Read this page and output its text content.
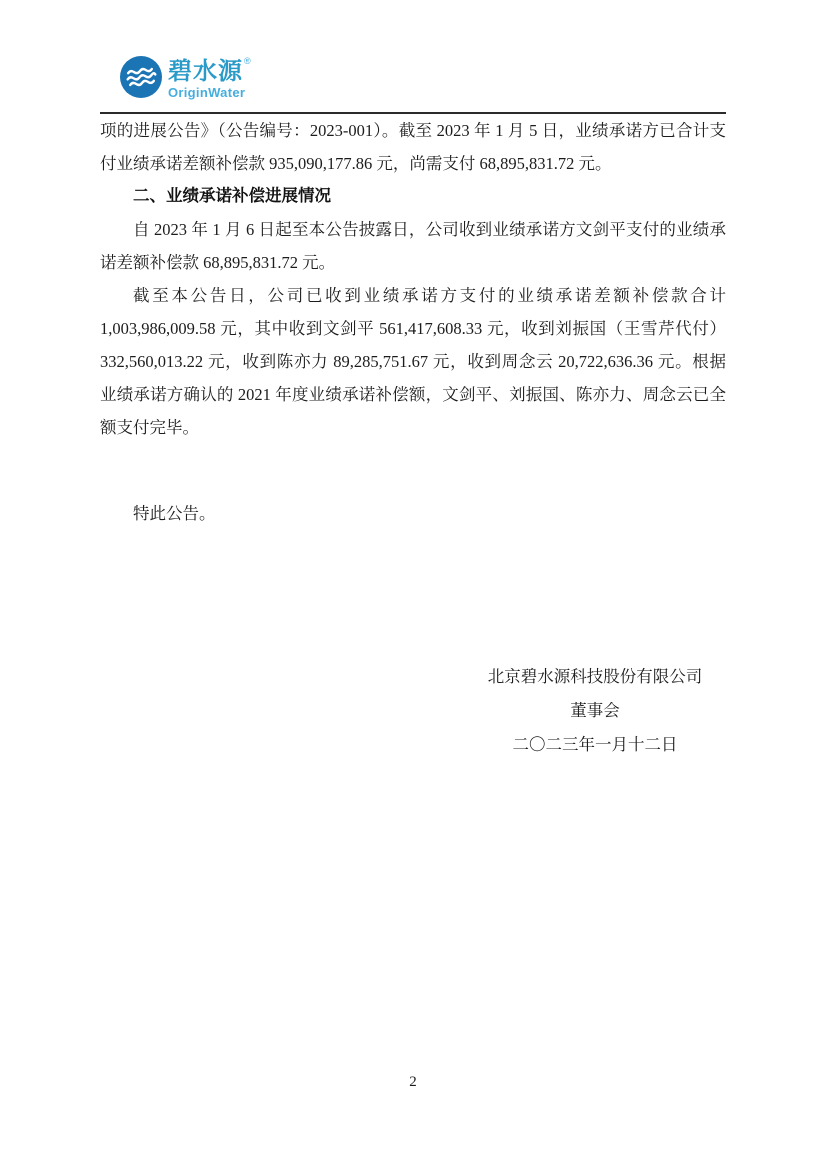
碧水源 ®
OriginWater

项的进展公告》（公告编号：2023-001）。截至 2023 年 1 月 5 日，业绩承诺方已合计支付业绩承诺差额补偿款 935,090,177.86 元，尚需支付 68,895,831.72 元。

二、业绩承诺补偿进展情况

自 2023 年 1 月 6 日起至本公告披露日，公司收到业绩承诺方文剑平支付的业绩承诺差额补偿款 68,895,831.72 元。

截至本公告日，公司已收到业绩承诺方支付的业绩承诺差额补偿款合计 1,003,986,009.58 元，其中收到文剑平 561,417,608.33 元，收到刘振国（王雪芹代付）332,560,013.22 元，收到陈亦力 89,285,751.67 元，收到周念云 20,722,636.36 元。根据业绩承诺方确认的 2021 年度业绩承诺补偿额，文剑平、刘振国、陈亦力、周念云已全额支付完毕。

特此公告。

北京碧水源科技股份有限公司
董事会
二〇二三年一月十二日
2
